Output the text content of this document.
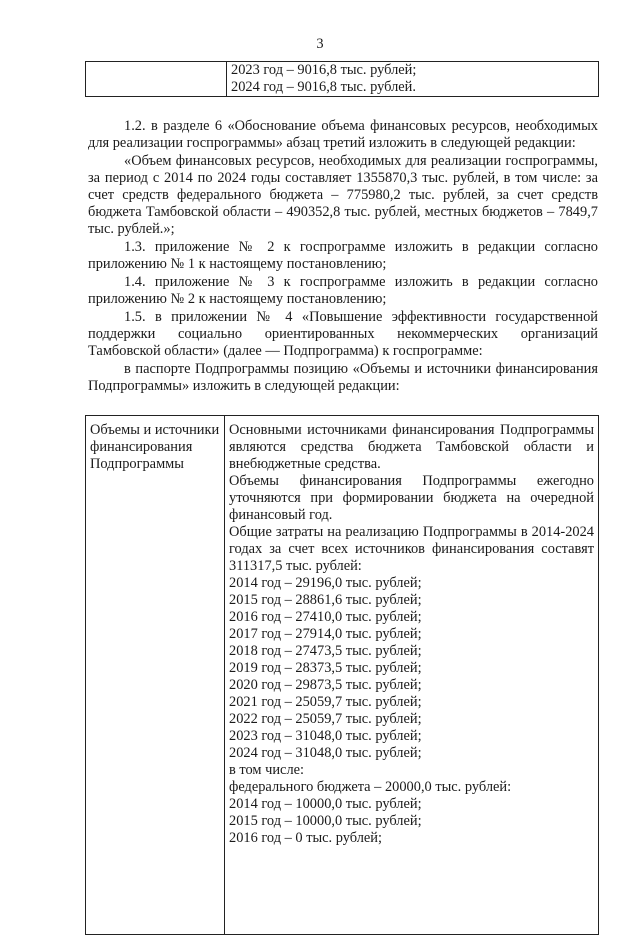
3

2023 год – 9016,8 тыс. рублей;
2024 год – 9016,8 тыс. рублей.

1.2. в разделе 6 «Обоснование объема финансовых ресурсов, необходимых для реализации госпрограммы» абзац третий изложить в следующей редакции:

«Объем финансовых ресурсов, необходимых для реализации госпрограммы, за период с 2014 по 2024 годы составляет 1355870,3 тыс. рублей, в том числе: за счет средств федерального бюджета – 775980,2 тыс. рублей, за счет средств бюджета Тамбовской области – 490352,8 тыс. рублей, местных бюджетов – 7849,7 тыс. рублей.»;

1.3. приложение № 2 к госпрограмме изложить в редакции согласно приложению № 1 к настоящему постановлению;

1.4. приложение № 3 к госпрограмме изложить в редакции согласно приложению № 2 к настоящему постановлению;

1.5. в приложении № 4 «Повышение эффективности государственной поддержки социально ориентированных некоммерческих организаций Тамбовской области» (далее — Подпрограмма) к госпрограмме:

в паспорте Подпрограммы позицию «Объемы и источники финансирования Подпрограммы» изложить в следующей редакции:

Объемы и источники финансирования Подпрограммы	
Основными источниками финансирования Подпрограммы являются средства бюджета Тамбовской области и внебюджетные средства.
Объемы финансирования Подпрограммы ежегодно уточняются при формировании бюджета на очередной финансовый год.
Общие затраты на реализацию Подпрограммы в 2014-2024 годах за счет всех источников финансирования составят 311317,5 тыс. рублей:
2014 год – 29196,0 тыс. рублей;
2015 год – 28861,6 тыс. рублей;
2016 год – 27410,0 тыс. рублей;
2017 год – 27914,0 тыс. рублей;
2018 год – 27473,5 тыс. рублей;
2019 год – 28373,5 тыс. рублей;
2020 год – 29873,5 тыс. рублей;
2021 год – 25059,7 тыс. рублей;
2022 год – 25059,7 тыс. рублей;
2023 год – 31048,0 тыс. рублей;
2024 год – 31048,0 тыс. рублей;
в том числе:
федерального бюджета – 20000,0 тыс. рублей:
2014 год – 10000,0 тыс. рублей;
2015 год – 10000,0 тыс. рублей;
2016 год – 0 тыс. рублей;
